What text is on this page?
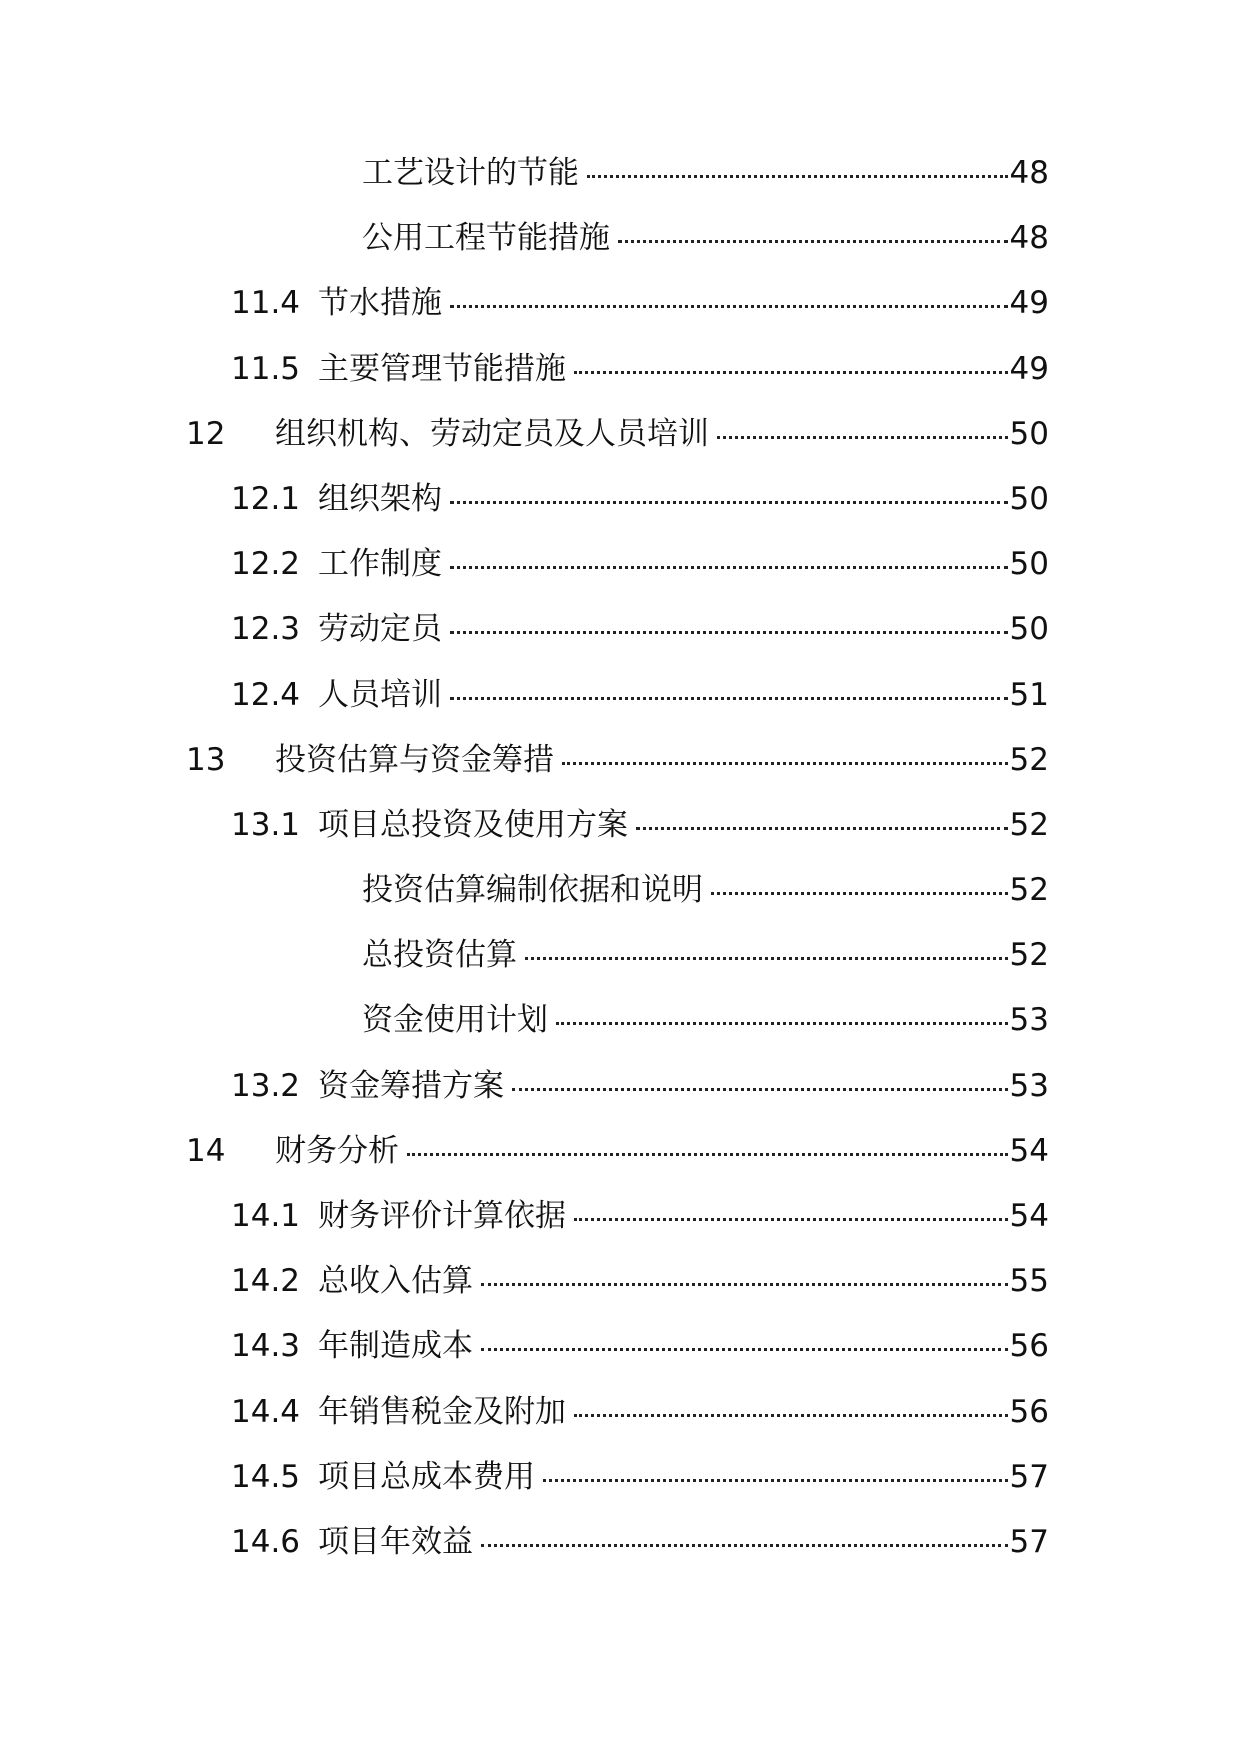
工艺设计的节能	48
公用工程节能措施	48
11.4 节水措施	49
11.5 主要管理节能措施	49
12 组织机构、劳动定员及人员培训	50
12.1 组织架构	50
12.2 工作制度	50
12.3 劳动定员	50
12.4 人员培训	51
13 投资估算与资金筹措	52
13.1 项目总投资及使用方案	52
投资估算编制依据和说明	52
总投资估算	52
资金使用计划	53
13.2 资金筹措方案	53
14 财务分析	54
14.1 财务评价计算依据	54
14.2 总收入估算	55
14.3 年制造成本	56
14.4 年销售税金及附加	56
14.5 项目总成本费用	57
14.6 项目年效益	57
